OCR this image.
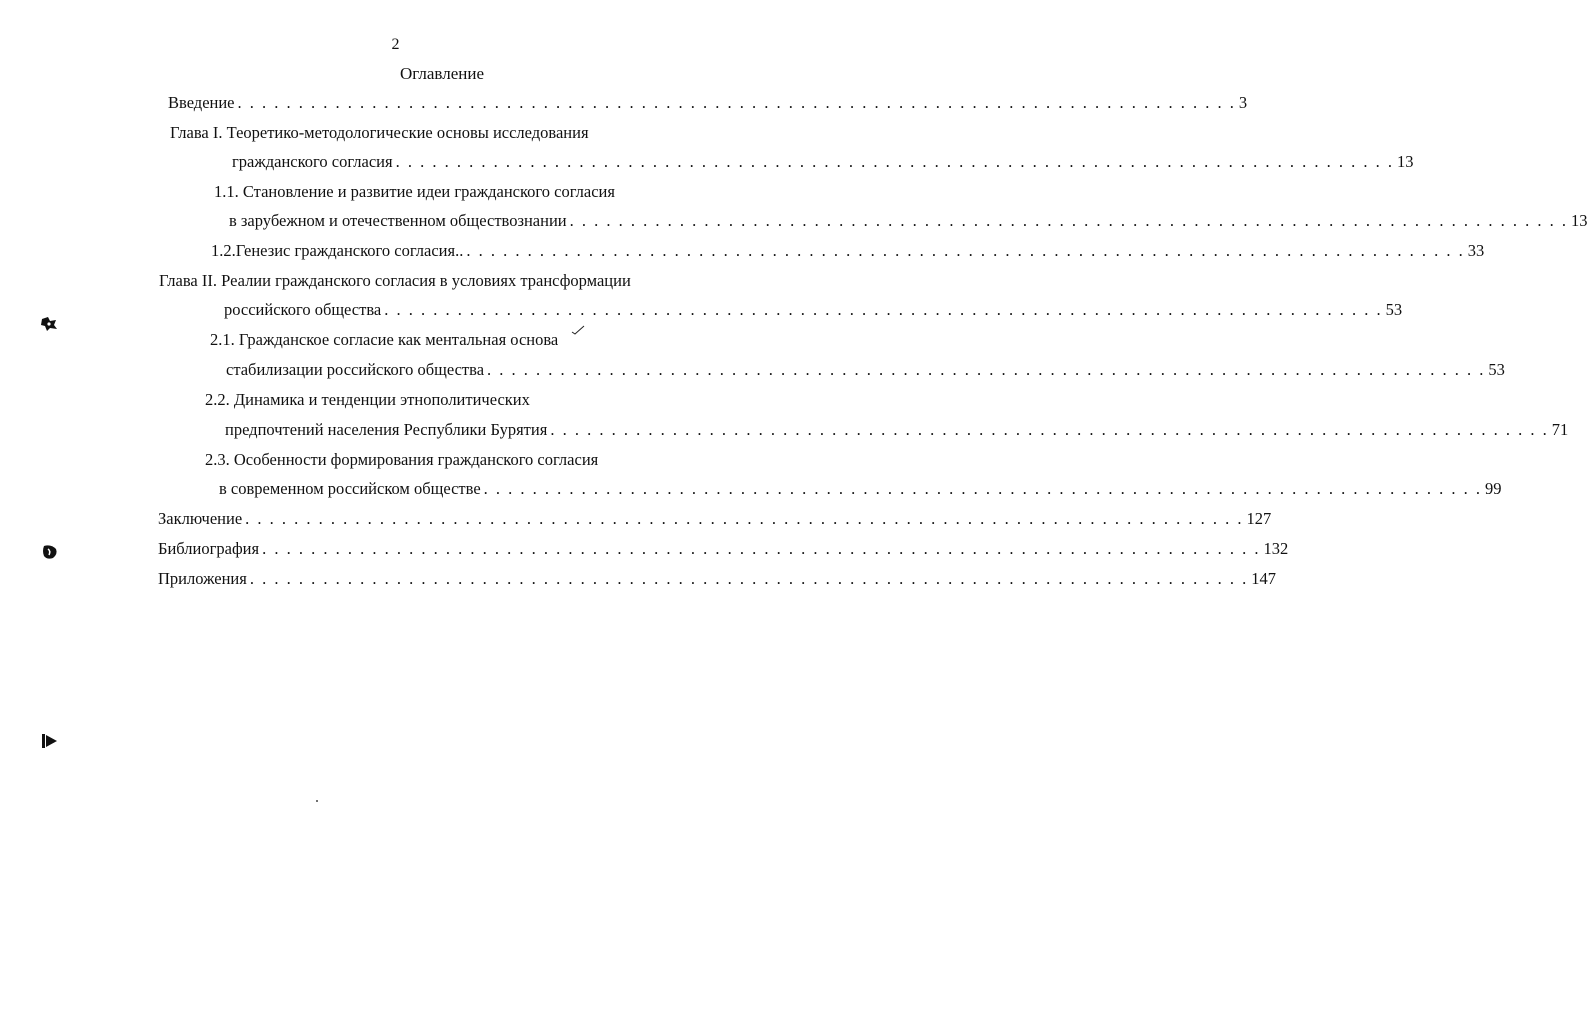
2
Оглавление
Введение . . . . . . . . . . . . . . . . . . . . . . . . . . . . . . . . . . . . . . . . . . . . . . . . . . . . . . . . . . . . . . . . . . . . . . . . . . . . . . . . . . 3
Глава I. Теоретико-методологические основы исследования
гражданского согласия . . . . . . . . . . . . . . . . . . . . . . . . . . . . . . . . . . . . . . . . . . . . . . . . . . . . . . . . . . . . . . . . . . . . . . . . . . . . . . . . . . 13
1.1. Становление и развитие идеи гражданского согласия
в зарубежном и отечественном обществознании . . . . . . . . . . . . . . . . . . . . . . . . . . . . . . . . . . . . . . . . . . . . . . . . . . . . . . . . . . . . . . . . . . . . . . . . . . . . . . . . . . 13
1.2.Генезис гражданского согласия.. . . . . . . . . . . . . . . . . . . . . . . . . . . . . . . . . . . . . . . . . . . . . . . . . . . . . . . . . . . . . . . . . . . . . . . . . . . . . . . . . . . 33
Глава II. Реалии гражданского согласия в условиях трансформации
российского общества . . . . . . . . . . . . . . . . . . . . . . . . . . . . . . . . . . . . . . . . . . . . . . . . . . . . . . . . . . . . . . . . . . . . . . . . . . . . . . . . . . 53
2.1. Гражданское согласие как ментальная основа
стабилизации российского общества . . . . . . . . . . . . . . . . . . . . . . . . . . . . . . . . . . . . . . . . . . . . . . . . . . . . . . . . . . . . . . . . . . . . . . . . . . . . . . . . . . 53
2.2. Динамика и тенденции этнополитических
предпочтений населения Республики Бурятия . . . . . . . . . . . . . . . . . . . . . . . . . . . . . . . . . . . . . . . . . . . . . . . . . . . . . . . . . . . . . . . . . . . . . . . . . . . . . . . . . . 71
2.3. Особенности формирования гражданского согласия
в современном российском обществе . . . . . . . . . . . . . . . . . . . . . . . . . . . . . . . . . . . . . . . . . . . . . . . . . . . . . . . . . . . . . . . . . . . . . . . . . . . . . . . . . . 99
Заключение . . . . . . . . . . . . . . . . . . . . . . . . . . . . . . . . . . . . . . . . . . . . . . . . . . . . . . . . . . . . . . . . . . . . . . . . . . . . . . . . . . 127
Библиография . . . . . . . . . . . . . . . . . . . . . . . . . . . . . . . . . . . . . . . . . . . . . . . . . . . . . . . . . . . . . . . . . . . . . . . . . . . . . . . . . . 132
Приложения . . . . . . . . . . . . . . . . . . . . . . . . . . . . . . . . . . . . . . . . . . . . . . . . . . . . . . . . . . . . . . . . . . . . . . . . . . . . . . . . . . 147
